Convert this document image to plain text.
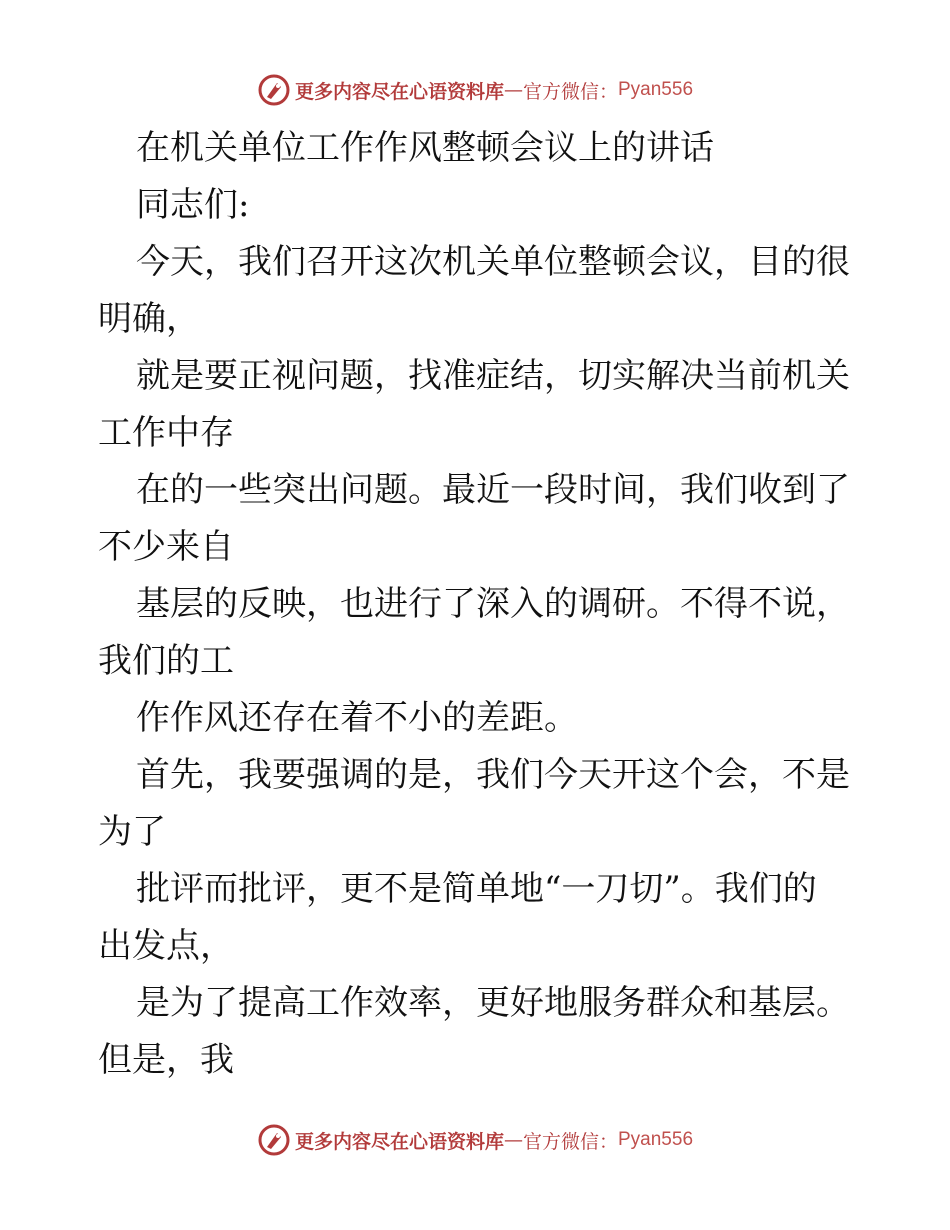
更多内容尽在心语资料库 — 官方微信： Pyan556
在机关单位工作作风整顿会议上的讲话
同志们:
今天，我们召开这次机关单位整顿会议，目的很
明确，
就是要正视问题，找准症结，切实解决当前机关
工作中存
在的一些突出问题。最近一段时间，我们收到了
不少来自
基层的反映，也进行了深入的调研。不得不说，
我们的工
作作风还存在着不小的差距。
首先，我要强调的是，我们今天开这个会，不是
为了
批评而批评，更不是简单地“一刀切”。我们的
出发点，
是为了提高工作效率，更好地服务群众和基层。
但是，我
更多内容尽在心语资料库 — 官方微信： Pyan556
